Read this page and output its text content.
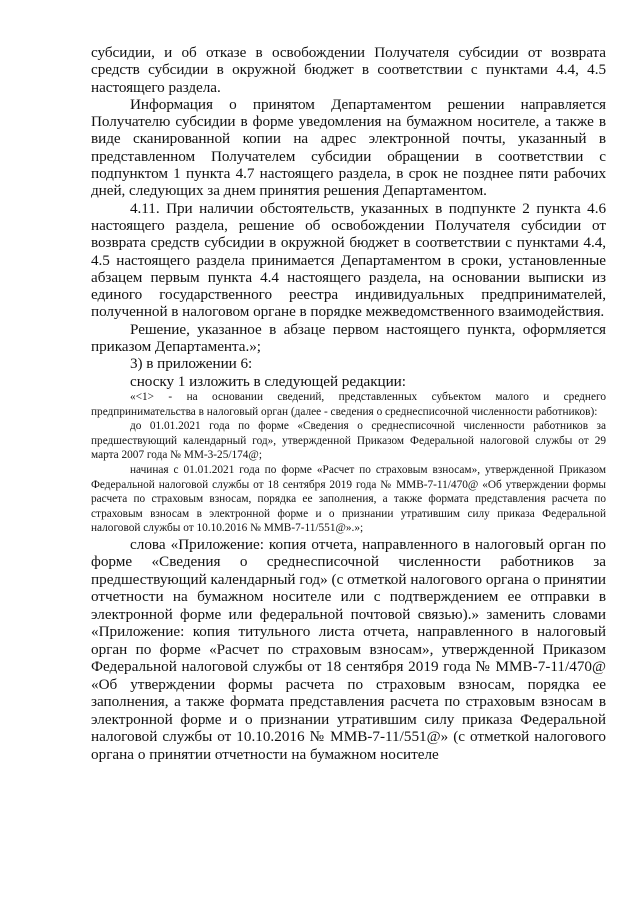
субсидии, и об отказе в освобождении Получателя субсидии от возврата средств субсидии в окружной бюджет в соответствии с пунктами 4.4, 4.5 настоящего раздела.

Информация о принятом Департаментом решении направляется Получателю субсидии в форме уведомления на бумажном носителе, а также в виде сканированной копии на адрес электронной почты, указанный в представленном Получателем субсидии обращении в соответствии с подпунктом 1 пункта 4.7 настоящего раздела, в срок не позднее пяти рабочих дней, следующих за днем принятия решения Департаментом.

4.11. При наличии обстоятельств, указанных в подпункте 2 пункта 4.6 настоящего раздела, решение об освобождении Получателя субсидии от возврата средств субсидии в окружной бюджет в соответствии с пунктами 4.4, 4.5 настоящего раздела принимается Департаментом в сроки, установленные абзацем первым пункта 4.4 настоящего раздела, на основании выписки из единого государственного реестра индивидуальных предпринимателей, полученной в налоговом органе в порядке межведомственного взаимодействия.

Решение, указанное в абзаце первом настоящего пункта, оформляется приказом Департамента.»;

3) в приложении 6:

сноску 1 изложить в следующей редакции:

«<1> - на основании сведений, представленных субъектом малого и среднего предпринимательства в налоговый орган (далее - сведения о среднесписочной численности работников):

до 01.01.2021 года по форме «Сведения о среднесписочной численности работников за предшествующий календарный год», утвержденной Приказом Федеральной налоговой службы от 29 марта 2007 года № ММ-3-25/174@;

начиная с 01.01.2021 года по форме «Расчет по страховым взносам», утвержденной Приказом Федеральной налоговой службы от 18 сентября 2019 года № ММВ-7-11/470@ «Об утверждении формы расчета по страховым взносам, порядка ее заполнения, а также формата представления расчета по страховым взносам в электронной форме и о признании утратившим силу приказа Федеральной налоговой службы от 10.10.2016 № ММВ-7-11/551@».»;

слова «Приложение: копия отчета, направленного в налоговый орган по форме «Сведения о среднесписочной численности работников за предшествующий календарный год» (с отметкой налогового органа о принятии отчетности на бумажном носителе или с подтверждением ее отправки в электронной форме или федеральной почтовой связью).» заменить словами «Приложение: копия титульного листа отчета, направленного в налоговый орган по форме «Расчет по страховым взносам», утвержденной Приказом Федеральной налоговой службы от 18 сентября 2019 года № ММВ-7-11/470@ «Об утверждении формы расчета по страховым взносам, порядка ее заполнения, а также формата представления расчета по страховым взносам в электронной форме и о признании утратившим силу приказа Федеральной налоговой службы от 10.10.2016 № ММВ-7-11/551@» (с отметкой налогового органа о принятии отчетности на бумажном носителе
